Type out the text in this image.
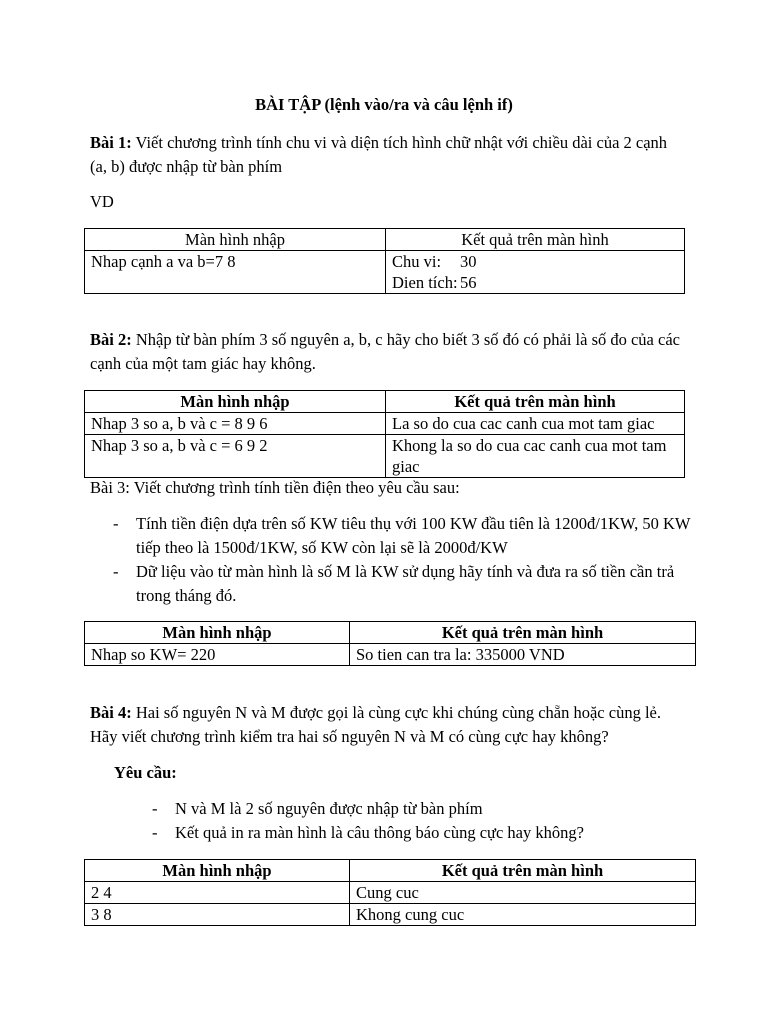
BÀI TẬP (lệnh vào/ra và câu lệnh if)

Bài 1: Viết chương trình tính chu vi và diện tích hình chữ nhật với chiều dài của 2 cạnh (a, b) được nhập từ bàn phím

VD

Màn hình nhập	Kết quả trên màn hình
Nhap cạnh a va b=7 8	Chu vi: 30
Dien tích: 56

Bài 2: Nhập từ bàn phím 3 số nguyên a, b, c hãy cho biết 3 số đó có phải là số đo của các cạnh của một tam giác hay không.

Màn hình nhập	Kết quả trên màn hình
Nhap 3 so a, b và c = 8 9 6	La so do cua cac canh cua mot tam giac
Nhap 3 so a, b và c = 6 9 2	Khong la so do cua cac canh cua mot tam giac

Bài 3: Viết chương trình tính tiền điện theo yêu cầu sau:

- Tính tiền điện dựa trên số KW tiêu thụ với 100 KW đầu tiên là 1200đ/1KW, 50 KW tiếp theo là 1500đ/1KW, số KW còn lại sẽ là 2000đ/KW
- Dữ liệu vào từ màn hình là số M là KW sử dụng hãy tính và đưa ra số tiền cần trả trong tháng đó.
Màn hình nhập	Kết quả trên màn hình
Nhap so KW= 220	So tien can tra la: 335000 VND

Bài 4: Hai số nguyên N và M được gọi là cùng cực khi chúng cùng chẵn hoặc cùng lẻ. Hãy viết chương trình kiểm tra hai số nguyên N và M có cùng cực hay không?

Yêu cầu:

- N và M là 2 số nguyên được nhập từ bàn phím
- Kết quả in ra màn hình là câu thông báo cùng cực hay không?
Màn hình nhập	Kết quả trên màn hình
2 4	Cung cuc
3 8	Khong cung cuc
